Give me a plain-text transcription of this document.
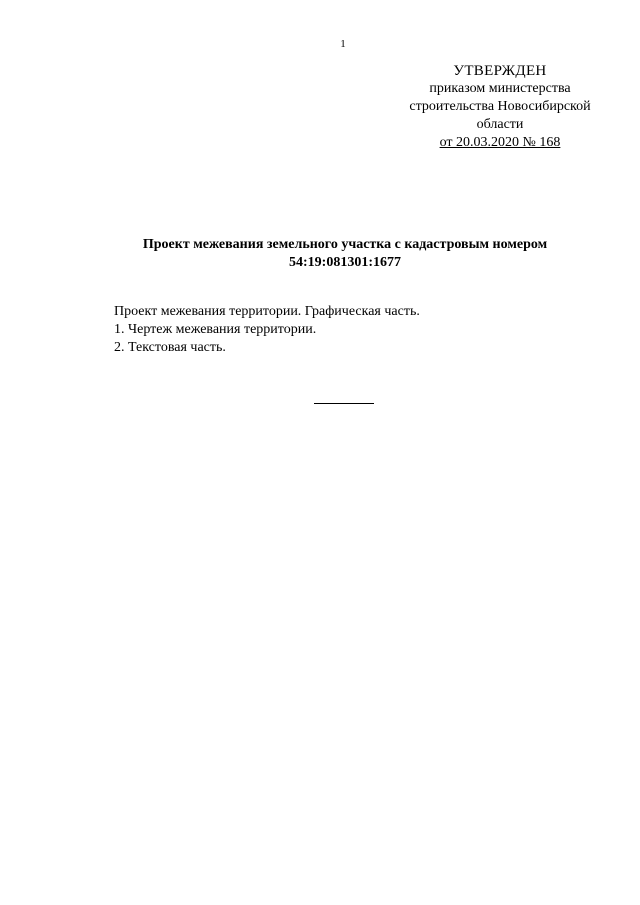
1
УТВЕРЖДЕН
приказом министерства
строительства Новосибирской
области
от 20.03.2020 № 168
Проект межевания земельного участка с кадастровым номером
54:19:081301:1677
Проект межевания территории. Графическая часть.
1. Чертеж межевания территории.
2. Текстовая часть.
